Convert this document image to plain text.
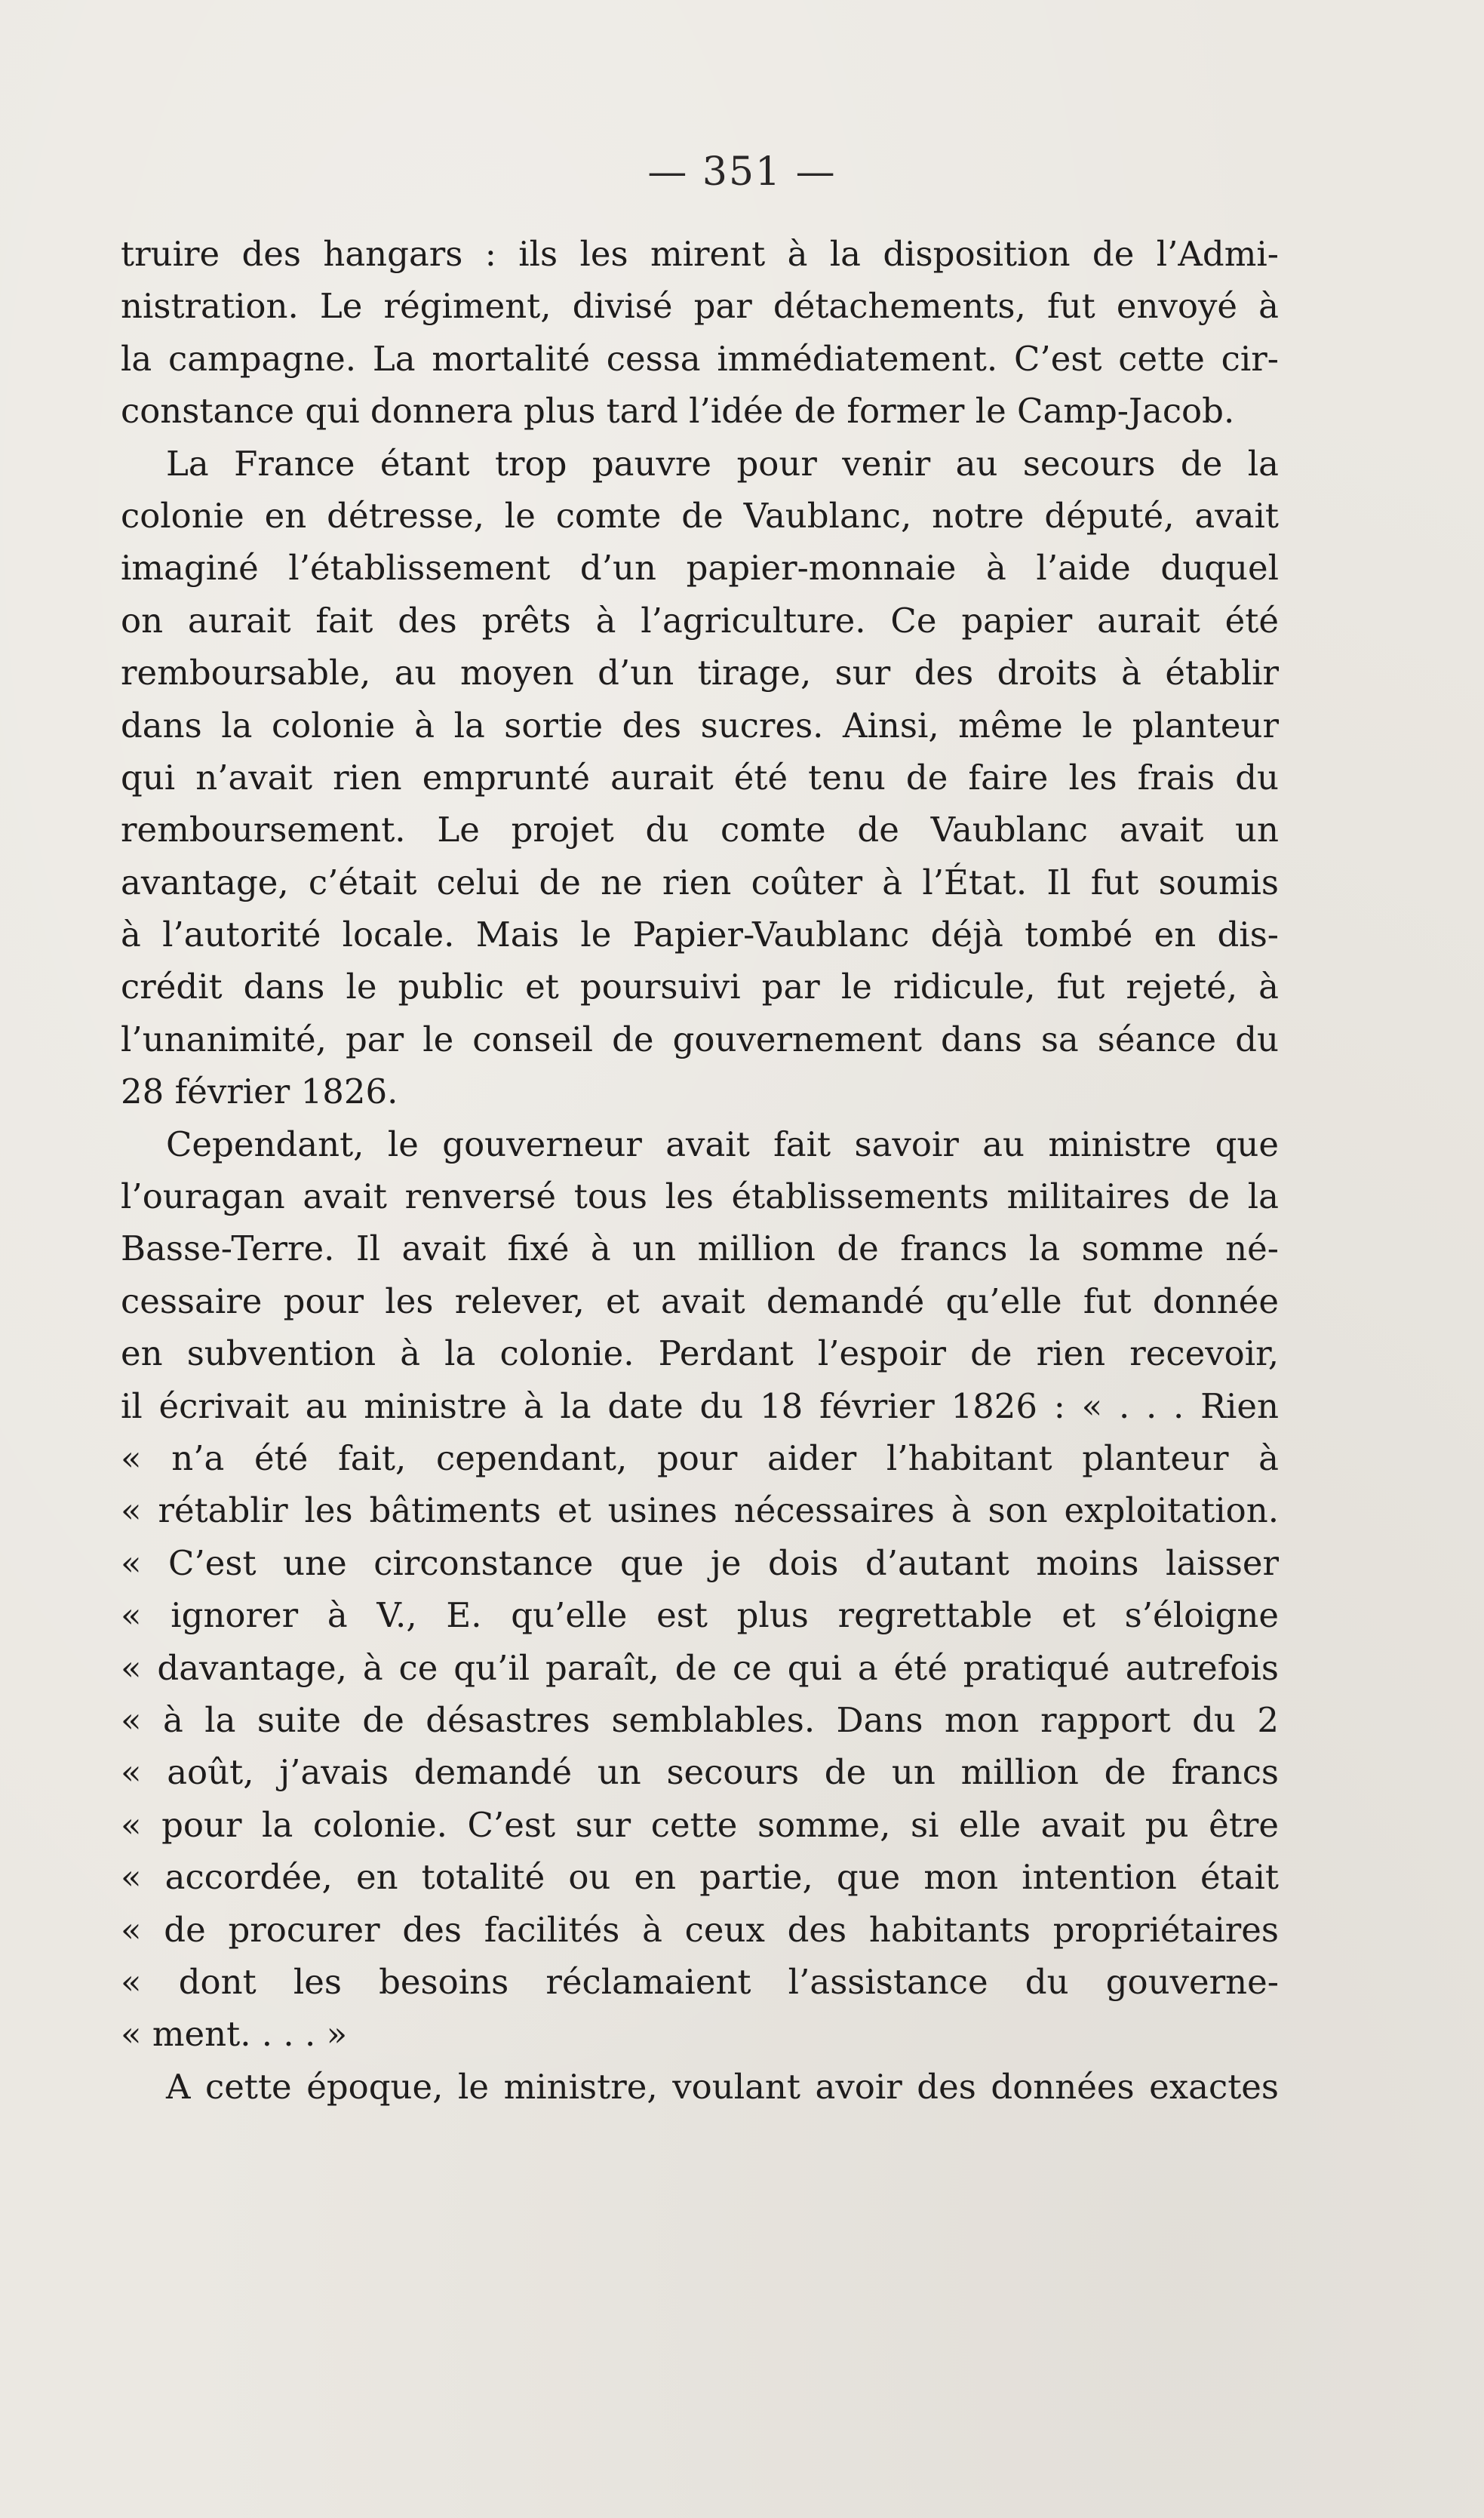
— 351 —
truire des hangars : ils les mirent à la disposition de l’Admi-
nistration. Le régiment, divisé par détachements, fut envoyé à
la campagne. La mortalité cessa immédiatement. C’est cette cir-
constance qui donnera plus tard l’idée de former le Camp-Jacob.
La France étant trop pauvre pour venir au secours de la
colonie en détresse, le comte de Vaublanc, notre député, avait
imaginé l’établissement d’un papier-monnaie à l’aide duquel
on aurait fait des prêts à l’agriculture. Ce papier aurait été
remboursable, au moyen d’un tirage, sur des droits à établir
dans la colonie à la sortie des sucres. Ainsi, même le planteur
qui n’avait rien emprunté aurait été tenu de faire les frais du
remboursement. Le projet du comte de Vaublanc avait un
avantage, c’était celui de ne rien coûter à l’État. Il fut soumis
à l’autorité locale. Mais le Papier-Vaublanc déjà tombé en dis-
crédit dans le public et poursuivi par le ridicule, fut rejeté, à
l’unanimité, par le conseil de gouvernement dans sa séance du
28 février 1826.
Cependant, le gouverneur avait fait savoir au ministre que
l’ouragan avait renversé tous les établissements militaires de la
Basse-Terre. Il avait fixé à un million de francs la somme né-
cessaire pour les relever, et avait demandé qu’elle fut donnée
en subvention à la colonie. Perdant l’espoir de rien recevoir,
il écrivait au ministre à la date du 18 février 1826 : « . . . Rien
« n’a été fait, cependant, pour aider l’habitant planteur à
« rétablir les bâtiments et usines nécessaires à son exploitation.
« C’est une circonstance que je dois d’autant moins laisser
« ignorer à V., E. qu’elle est plus regrettable et s’éloigne
« davantage, à ce qu’il paraît, de ce qui a été pratiqué autrefois
« à la suite de désastres semblables. Dans mon rapport du 2
« août, j’avais demandé un secours de un million de francs
« pour la colonie. C’est sur cette somme, si elle avait pu être
« accordée, en totalité ou en partie, que mon intention était
« de procurer des facilités à ceux des habitants propriétaires
« dont les besoins réclamaient l’assistance du gouverne-
« ment. . . . »
A cette époque, le ministre, voulant avoir des données exactes
